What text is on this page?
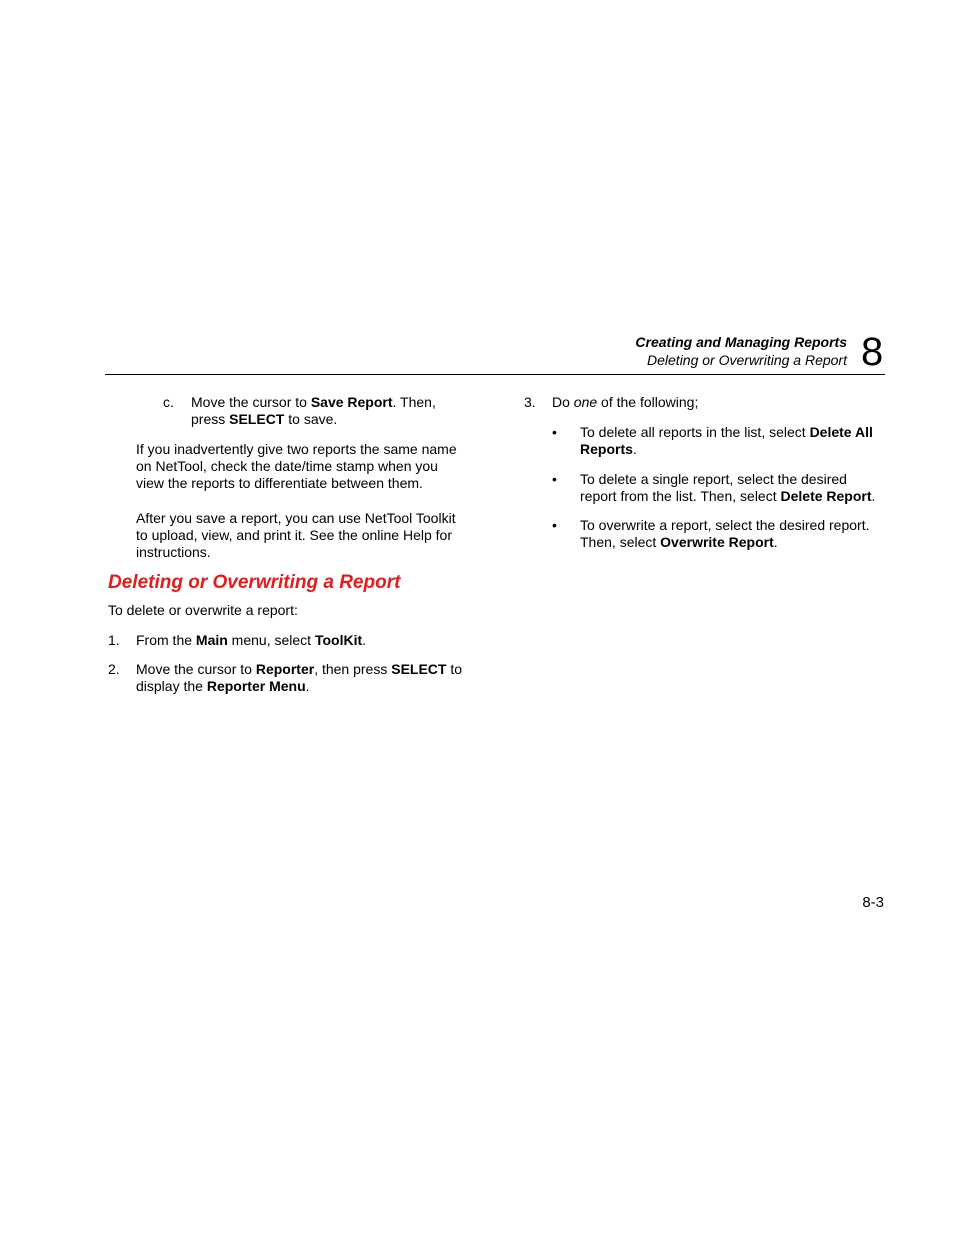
Creating and Managing Reports
Deleting or Overwriting a Report 8
c. Move the cursor to Save Report. Then, press SELECT to save.
If you inadvertently give two reports the same name on NetTool, check the date/time stamp when you view the reports to differentiate between them.
After you save a report, you can use NetTool Toolkit to upload, view, and print it. See the online Help for instructions.
Deleting or Overwriting a Report
To delete or overwrite a report:
1. From the Main menu, select ToolKit.
2. Move the cursor to Reporter, then press SELECT to display the Reporter Menu.
3. Do one of the following;
• To delete all reports in the list, select Delete All Reports.
• To delete a single report, select the desired report from the list. Then, select Delete Report.
• To overwrite a report, select the desired report. Then, select Overwrite Report.
8-3
